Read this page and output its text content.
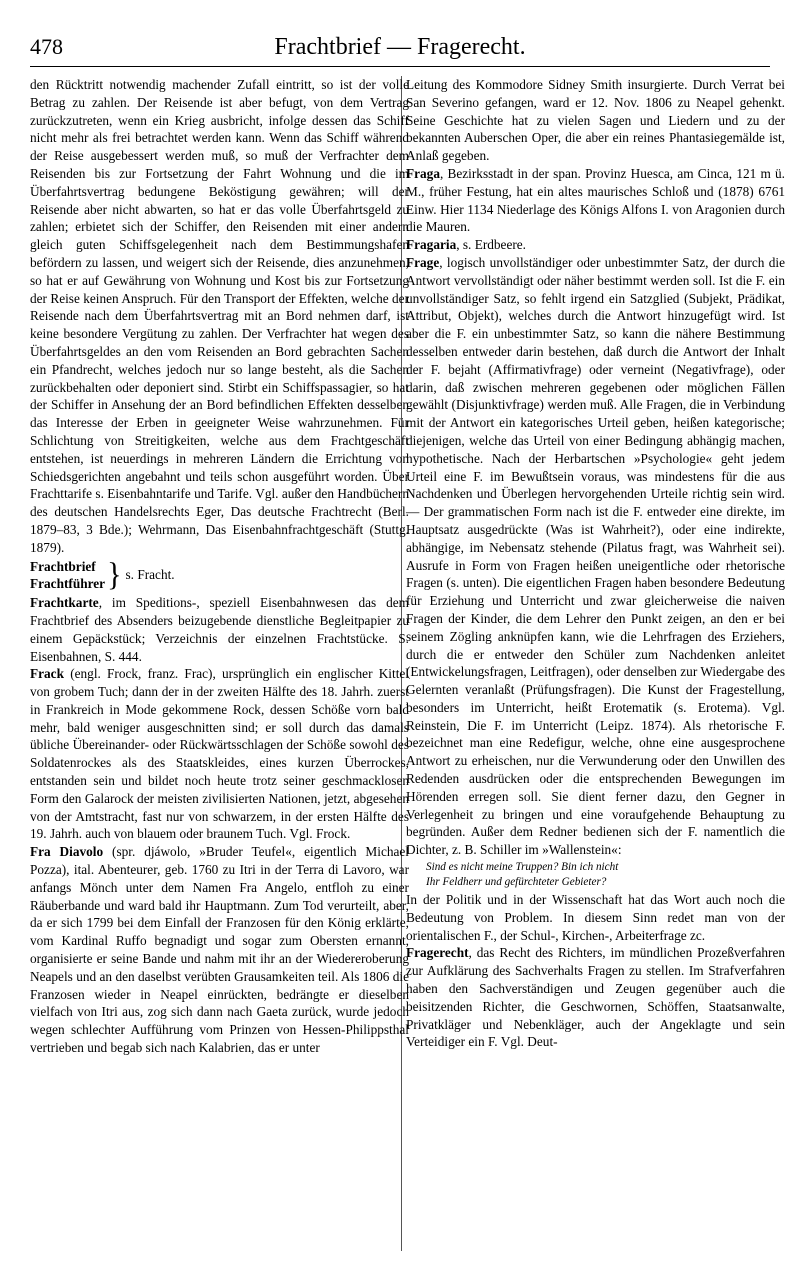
478	Frachtbrief — Fragerecht.

den Rücktritt notwendig machender Zufall eintritt, so ist der volle Betrag zu zahlen. Der Reisende ist aber befugt, von dem Vertrag zurückzutreten, wenn ein Krieg ausbricht, infolge dessen das Schiff nicht mehr als frei betrachtet werden kann. Wenn das Schiff während der Reise ausgebessert werden muß, so muß der Verfrachter dem Reisenden bis zur Fortsetzung der Fahrt Wohnung und die im Überfahrtsvertrag bedungene Beköstigung gewähren; will der Reisende aber nicht abwarten, so hat er das volle Überfahrtsgeld zu zahlen; erbietet sich der Schiffer, den Reisenden mit einer andern gleich guten Schiffsgelegenheit nach dem Bestimmungshafen befördern zu lassen, und weigert sich der Reisende, dies anzunehmen, so hat er auf Gewährung von Wohnung und Kost bis zur Fortsetzung der Reise keinen Anspruch. Für den Transport der Effekten, welche der Reisende nach dem Überfahrtsvertrag mit an Bord nehmen darf, ist keine besondere Vergütung zu zahlen. Der Verfrachter hat wegen des Überfahrtsgeldes an den vom Reisenden an Bord gebrachten Sachen ein Pfandrecht, welches jedoch nur so lange besteht, als die Sachen zurückbehalten oder deponiert sind. Stirbt ein Schiffspassagier, so hat der Schiffer in Ansehung der an Bord befindlichen Effekten desselben das Interesse der Erben in geeigneter Weise wahrzunehmen. Für Schlichtung von Streitigkeiten, welche aus dem Frachtgeschäft entstehen, ist neuerdings in mehreren Ländern die Errichtung von Schiedsgerichten angebahnt und teils schon ausgeführt worden. Über Frachttarife s. Eisenbahntarife und Tarife. Vgl. außer den Handbüchern des deutschen Handelsrechts Eger, Das deutsche Frachtrecht (Berl. 1879–83, 3 Bde.); Wehrmann, Das Eisenbahnfrachtgeschäft (Stuttg. 1879).

Frachtbrief
Frachtführer } s. Fracht.

Frachtkarte, im Speditions-, speziell Eisenbahnwesen das dem Frachtbrief des Absenders beizugebende dienstliche Begleitpapier zu einem Gepäckstück; Verzeichnis der einzelnen Frachtstücke. S. Eisenbahnen, S. 444.

Frack (engl. Frock, franz. Frac), ursprünglich ein englischer Kittel von grobem Tuch; dann der in der zweiten Hälfte des 18. Jahrh. zuerst in Frankreich in Mode gekommene Rock, dessen Schöße vorn bald mehr, bald weniger ausgeschnitten sind; er soll durch das damals übliche Übereinander- oder Rückwärtsschlagen der Schöße sowohl des Soldatenrockes als des Staatskleides, eines kurzen Überrockes, entstanden sein und bildet noch heute trotz seiner geschmacklosen Form den Galarock der meisten zivilisierten Nationen, jetzt, abgesehen von der Amtstracht, fast nur von schwarzem, in der ersten Hälfte des 19. Jahrh. auch von blauem oder braunem Tuch. Vgl. Frock.

Fra Diavolo (spr. djáwolo, »Bruder Teufel«, eigentlich Michael Pozza), ital. Abenteurer, geb. 1760 zu Itri in der Terra di Lavoro, war anfangs Mönch unter dem Namen Fra Angelo, entfloh zu einer Räuberbande und ward bald ihr Hauptmann. Zum Tod verurteilt, aber, da er sich 1799 bei dem Einfall der Franzosen für den König erklärte, vom Kardinal Ruffo begnadigt und sogar zum Obersten ernannt, organisierte er seine Bande und nahm mit ihr an der Wiedereroberung Neapels und an den daselbst verübten Grausamkeiten teil. Als 1806 die Franzosen wieder in Neapel einrückten, bedrängte er dieselben vielfach von Itri aus, zog sich dann nach Gaeta zurück, wurde jedoch wegen schlechter Aufführung vom Prinzen von Hessen-Philippsthal vertrieben und begab sich nach Kalabrien, das er unter

Leitung des Kommodore Sidney Smith insurgierte. Durch Verrat bei San Severino gefangen, ward er 12. Nov. 1806 zu Neapel gehenkt. Seine Geschichte hat zu vielen Sagen und Liedern und zu der bekannten Auberschen Oper, die aber ein reines Phantasiegemälde ist, Anlaß gegeben.

Fraga, Bezirksstadt in der span. Provinz Huesca, am Cinca, 121 m ü. M., früher Festung, hat ein altes maurisches Schloß und (1878) 6761 Einw. Hier 1134 Niederlage des Königs Alfons I. von Aragonien durch die Mauren.

Fragaria, s. Erdbeere.

Frage, logisch unvollständiger oder unbestimmter Satz, der durch die Antwort vervollständigt oder näher bestimmt werden soll. Ist die F. ein unvollständiger Satz, so fehlt irgend ein Satzglied (Subjekt, Prädikat, Attribut, Objekt), welches durch die Antwort hinzugefügt wird. Ist aber die F. ein unbestimmter Satz, so kann die nähere Bestimmung desselben entweder darin bestehen, daß durch die Antwort der Inhalt der F. bejaht (Affirmativfrage) oder verneint (Negativfrage), oder darin, daß zwischen mehreren gegebenen oder möglichen Fällen gewählt (Disjunktivfrage) werden muß. Alle Fragen, die in Verbindung mit der Antwort ein kategorisches Urteil geben, heißen kategorische; diejenigen, welche das Urteil von einer Bedingung abhängig machen, hypothetische. Nach der Herbartschen »Psychologie« geht jedem Urteil eine F. im Bewußtsein voraus, was mindestens für die aus Nachdenken und Überlegen hervorgehenden Urteile richtig sein wird. — Der grammatischen Form nach ist die F. entweder eine direkte, im Hauptsatz ausgedrückte (Was ist Wahrheit?), oder eine indirekte, abhängige, im Nebensatz stehende (Pilatus fragt, was Wahrheit sei). Ausrufe in Form von Fragen heißen uneigentliche oder rhetorische Fragen (s. unten). Die eigentlichen Fragen haben besondere Bedeutung für Erziehung und Unterricht und zwar gleicherweise die naiven Fragen der Kinder, die dem Lehrer den Punkt zeigen, an den er bei seinem Zögling anknüpfen kann, wie die Lehrfragen des Erziehers, durch die er entweder den Schüler zum Nachdenken anleitet (Entwickelungsfragen, Leitfragen), oder denselben zur Wiedergabe des Gelernten veranlaßt (Prüfungsfragen). Die Kunst der Fragestellung, besonders im Unterricht, heißt Erotematik (s. Erotema). Vgl. Reinstein, Die F. im Unterricht (Leipz. 1874). Als rhetorische F. bezeichnet man eine Redefigur, welche, ohne eine ausgesprochene Antwort zu erheischen, nur die Verwunderung oder den Unwillen des Redenden ausdrücken oder die entsprechenden Bewegungen im Hörenden erregen soll. Sie dient ferner dazu, den Gegner in Verlegenheit zu bringen und eine voraufgehende Behauptung zu begründen. Außer dem Redner bedienen sich der F. namentlich die Dichter, z. B. Schiller im »Wallenstein«:

Sind es nicht meine Truppen? Bin ich nicht
Ihr Feldherr und gefürchteter Gebieter?

In der Politik und in der Wissenschaft hat das Wort auch noch die Bedeutung von Problem. In diesem Sinn redet man von der orientalischen F., der Schul-, Kirchen-, Arbeiterfrage zc.

Fragerecht, das Recht des Richters, im mündlichen Prozeßverfahren zur Aufklärung des Sachverhalts Fragen zu stellen. Im Strafverfahren haben den Sachverständigen und Zeugen gegenüber auch die beisitzenden Richter, die Geschwornen, Schöffen, Staatsanwalte, Privatkläger und Nebenkläger, auch der Angeklagte und sein Verteidiger ein F. Vgl. Deut-
